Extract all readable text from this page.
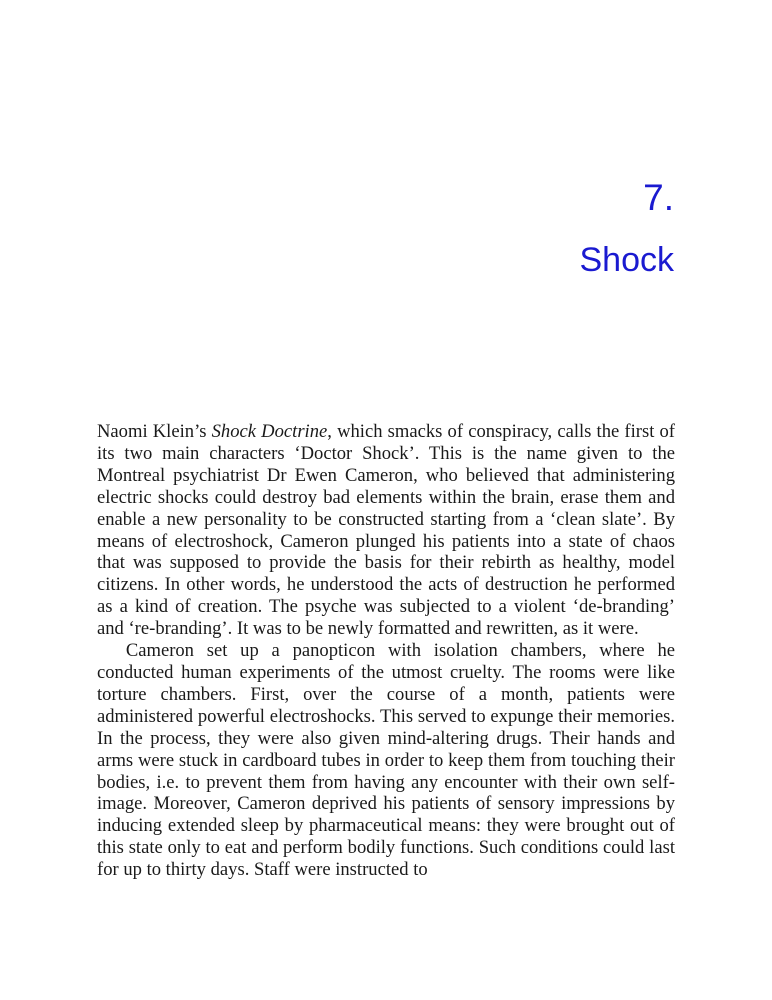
7.
Shock

Naomi Klein’s Shock Doctrine, which smacks of conspiracy, calls the first of its two main characters ‘Doctor Shock’. This is the name given to the Montreal psychiatrist Dr Ewen Cameron, who believed that administering electric shocks could destroy bad elements within the brain, erase them and enable a new personality to be constructed starting from a ‘clean slate’. By means of electroshock, Cameron plunged his patients into a state of chaos that was supposed to provide the basis for their rebirth as healthy, model citizens. In other words, he understood the acts of destruction he performed as a kind of creation. The psyche was subjected to a violent ‘de-branding’ and ‘re-branding’. It was to be newly formatted and rewritten, as it were.

Cameron set up a panopticon with isolation chambers, where he conducted human experiments of the utmost cruelty. The rooms were like torture chambers. First, over the course of a month, patients were administered powerful electroshocks. This served to expunge their memories. In the process, they were also given mind-altering drugs. Their hands and arms were stuck in cardboard tubes in order to keep them from touching their bodies, i.e. to prevent them from having any encounter with their own self-image. Moreover, Cameron deprived his patients of sensory impressions by inducing extended sleep by pharmaceutical means: they were brought out of this state only to eat and perform bodily functions. Such conditions could last for up to thirty days. Staff were instructed to
